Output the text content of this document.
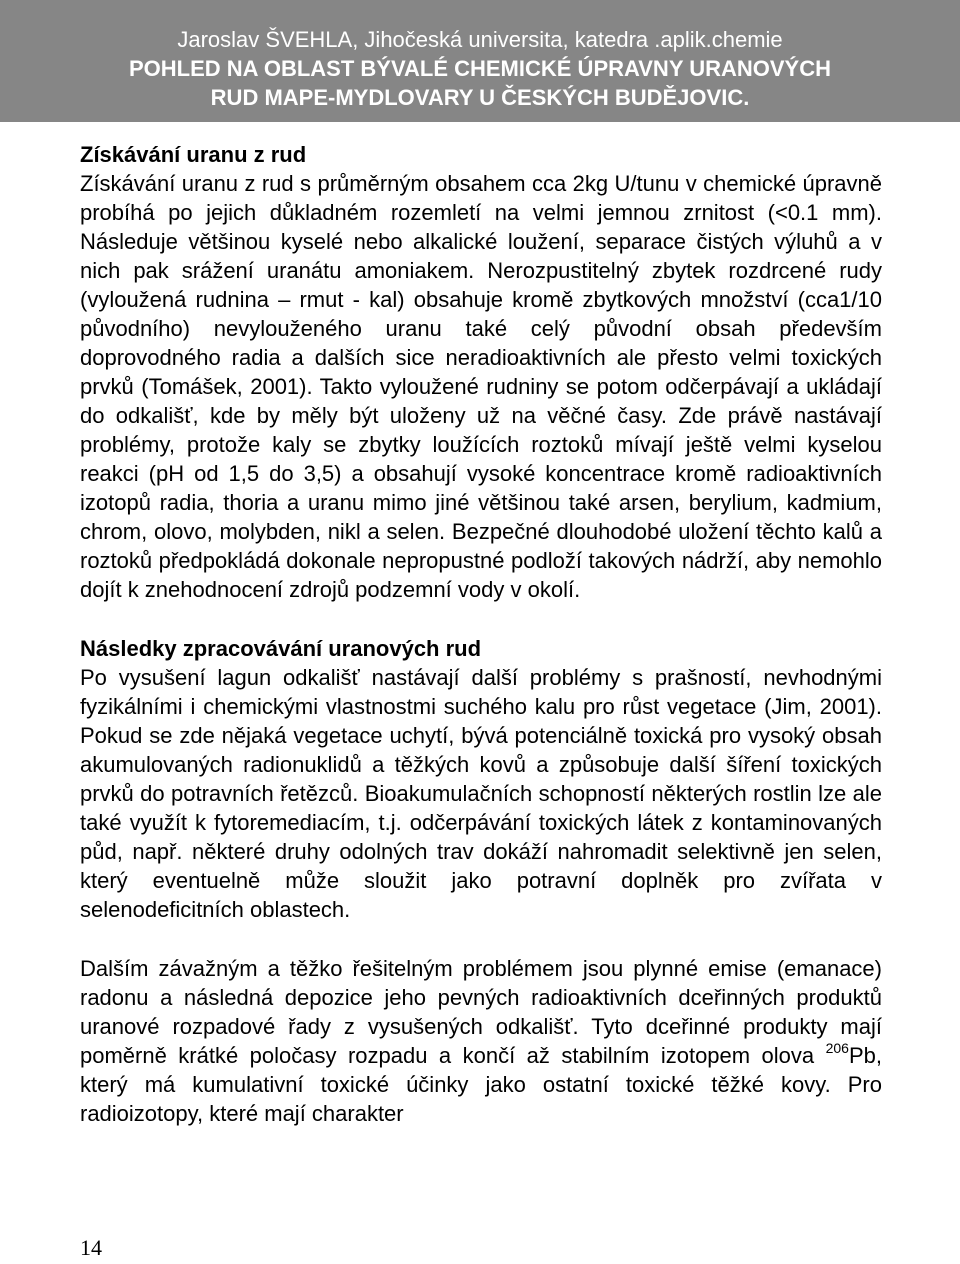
Jaroslav ŠVEHLA, Jihočeská universita, katedra .aplik.chemie
POHLED NA OBLAST BÝVALÉ CHEMICKÉ ÚPRAVNY URANOVÝCH
RUD MAPE-MYDLOVARY U ČESKÝCH BUDĚJOVIC.
Získávání uranu z rud

Získávání uranu z rud s průměrným obsahem cca 2kg U/tunu v chemické úpravně probíhá po jejich důkladném rozemletí na velmi jemnou zrnitost (<0.1 mm). Následuje většinou kyselé nebo alkalické loužení, separace čistých výluhů a v nich pak srážení uranátu amoniakem. Nerozpustitelný zbytek rozdrcené rudy (vyloužená rudnina – rmut - kal) obsahuje kromě zbytkových množství (cca1/10 původního) nevylouženého uranu také celý původní obsah především doprovodného radia a dalších sice neradioaktivních ale přesto velmi toxických prvků (Tomášek, 2001). Takto vyloužené rudniny se potom odčerpávají a ukládají do odkališť, kde by měly být uloženy už na věčné časy. Zde právě nastávají problémy, protože kaly se zbytky loužících roztoků mívají ještě velmi kyselou reakci (pH od 1,5 do 3,5) a obsahují vysoké koncentrace kromě radioaktivních izotopů radia, thoria a uranu mimo jiné většinou také arsen, berylium, kadmium, chrom, olovo, molybden, nikl a selen. Bezpečné dlouhodobé uložení těchto kalů a roztoků předpokládá dokonale nepropustné podloží takových nádrží, aby nemohlo dojít k znehodnocení zdrojů podzemní vody v okolí.

Následky zpracovávání uranových rud

Po vysušení lagun odkališť nastávají další problémy s prašností, nevhodnými fyzikálními i chemickými vlastnostmi suchého kalu pro růst vegetace (Jim, 2001). Pokud se zde nějaká vegetace uchytí, bývá potenciálně toxická pro vysoký obsah akumulovaných radionuklidů a těžkých kovů a způsobuje další šíření toxických prvků do potravních řetězců. Bioakumulačních schopností některých rostlin lze ale také využít k fytoremediacím, t.j. odčerpávání toxických látek z kontaminovaných půd, např. některé druhy odolných trav dokáží nahromadit selektivně jen selen, který eventuelně může sloužit jako potravní doplněk pro zvířata v selenodeficitních oblastech.

Dalším závažným a těžko řešitelným problémem jsou plynné emise (emanace) radonu a následná depozice jeho pevných radioaktivních dceřinných produktů uranové rozpadové řady z vysušených odkališť. Tyto dceřinné produkty mají poměrně krátké poločasy rozpadu a končí až stabilním izotopem olova $^{206}$Pb, který má kumulativní toxické účinky jako ostatní toxické těžké kovy. Pro radioizotopy, které mají charakter

14
